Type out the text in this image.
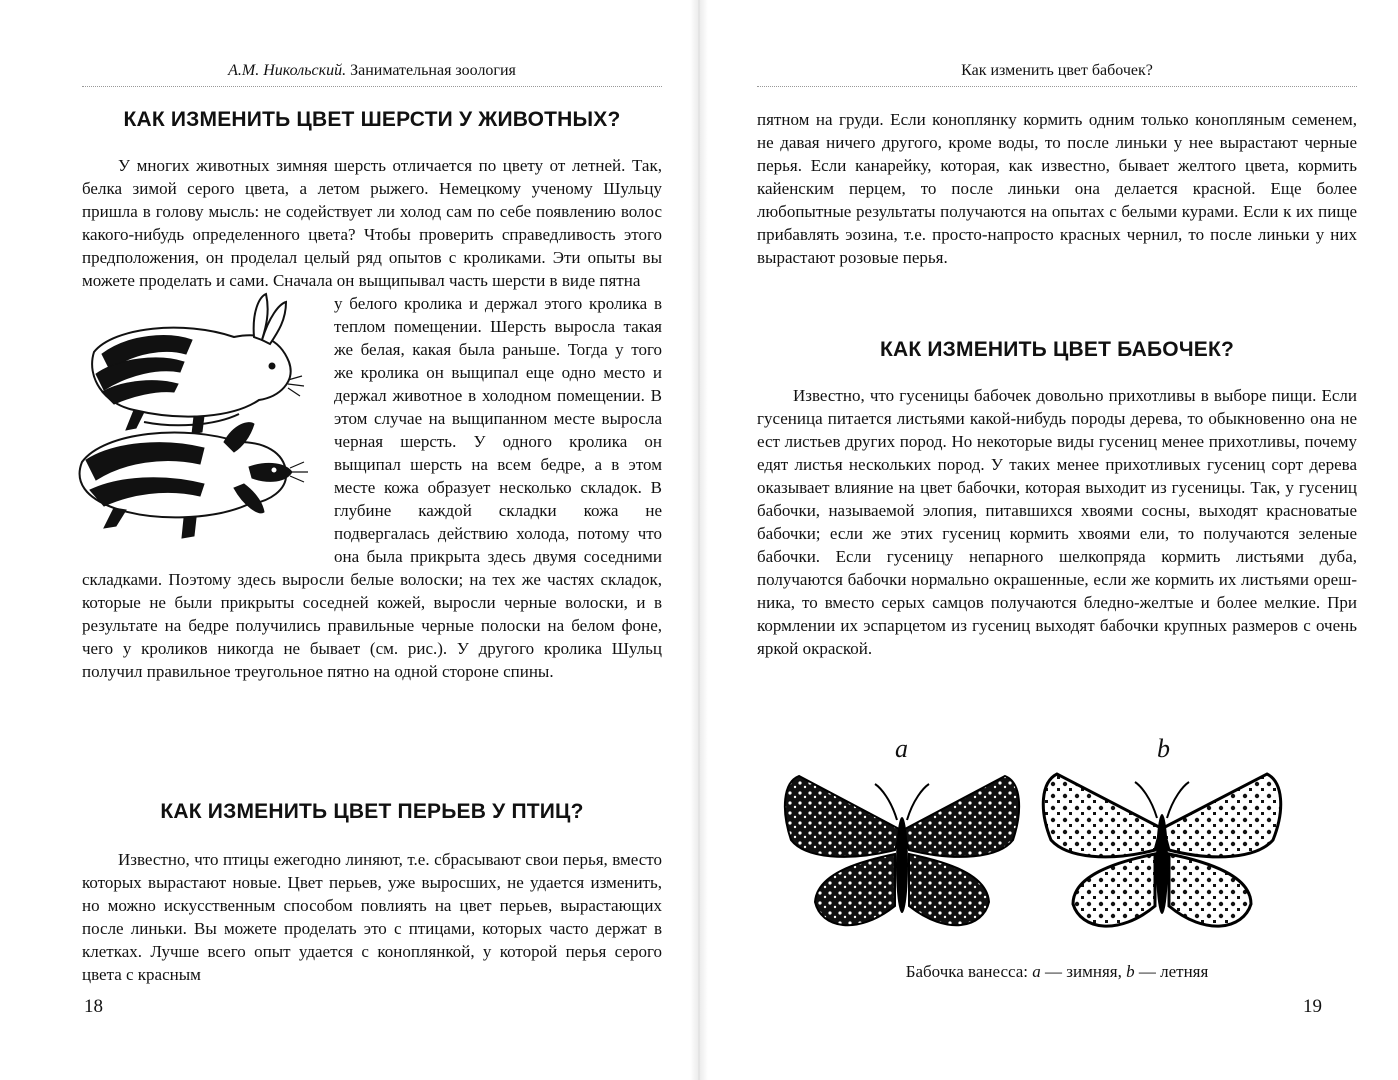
А.М. Никольский. Занимательная зоология
КАК ИЗМЕНИТЬ ЦВЕТ ШЕРСТИ У ЖИВОТНЫХ?

У многих животных зимняя шерсть отличается по цвету от летней. Так, белка зимой серого цвета, а летом рыжего. Немецкому ученому Шульцу пришла в голову мысль: не содействует ли холод сам по себе появлению волос какого-нибудь определенного цвета? Чтобы проверить справедливость этого предположения, он проделал целый ряд опытов с кроликами. Эти опыты вы можете проделать и сами. Сначала он выщипывал часть шерсти в виде пятна

у белого кролика и держал этого кролика в теплом помещении. Шерсть выросла такая же белая, какая была раньше. Тогда у того же кролика он выщипал еще одно место и держал животное в холодном помещении. В этом случае на выщипанном месте выросла черная шерсть. У одного кролика он выщипал шерсть на всем бедре, а в этом месте кожа образует несколько складок. В глубине каждой складки кожа не подвергалась действию холода, потому что она была прикрыта здесь двумя соседними складками. Поэтому здесь выросли белые волоски; на тех же частях складок, которые не были прикрыты соседней кожей, выросли черные волоски, и в результате на бедре получились правильные черные полоски на белом фоне, чего у кроликов никогда не бывает (см. рис.). У другого кролика Шульц получил правильное треугольное пятно на одной стороне спины.

КАК ИЗМЕНИТЬ ЦВЕТ ПЕРЬЕВ У ПТИЦ?

Известно, что птицы ежегодно линяют, т.е. сбрасывают свои перья, вместо которых вырастают новые. Цвет перьев, уже выросших, не удается изменить, но можно искусственным способом повлиять на цвет перьев, вырастающих после линьки. Вы можете проделать это с птицами, которых часто держат в клетках. Лучше всего опыт удается с коноплянкой, у которой перья серого цвета с красным

18
Как изменить цвет бабочек?

пятном на груди. Если коноплянку кормить одним только конопляным семенем, не давая ничего другого, кроме воды, то после линьки у нее вырастают черные перья. Если канарейку, которая, как известно, бывает желтого цвета, кормить кайенским перцем, то после линьки она делается красной. Еще более любопытные результаты получаются на опытах с белыми курами. Если к их пище прибавлять эозина, т.е. просто-напросто красных чернил, то после линьки у них вырастают розовые перья.

КАК ИЗМЕНИТЬ ЦВЕТ БАБОЧЕК?

Известно, что гусеницы бабочек довольно прихотливы в выборе пищи. Если гусеница питается листьями какой-нибудь породы дерева, то обыкновенно она не ест листьев других пород. Но некоторые виды гусениц менее прихотливы, почему едят листья нескольких пород. У таких менее прихотливых гусениц сорт дерева оказывает влияние на цвет бабочки, которая выходит из гусеницы. Так, у гусениц бабочки, называемой элопия, питавшихся хвоями сосны, выходят красноватые бабочки; если же этих гусениц кормить хвоями ели, то получаются зеленые бабочки. Если гусеницу непарного шелкопряда кормить листьями дуба, получаются бабочки нормально окрашенные, если же кормить их листьями орешника, то вместо серых самцов получаются бледно-желтые и более мелкие. При кормлении их эспарцетом из гусениц выходят бабочки крупных размеров с очень яркой окраской.

a	b
Бабочка ванесса: a — зимняя, b — летняя
19
